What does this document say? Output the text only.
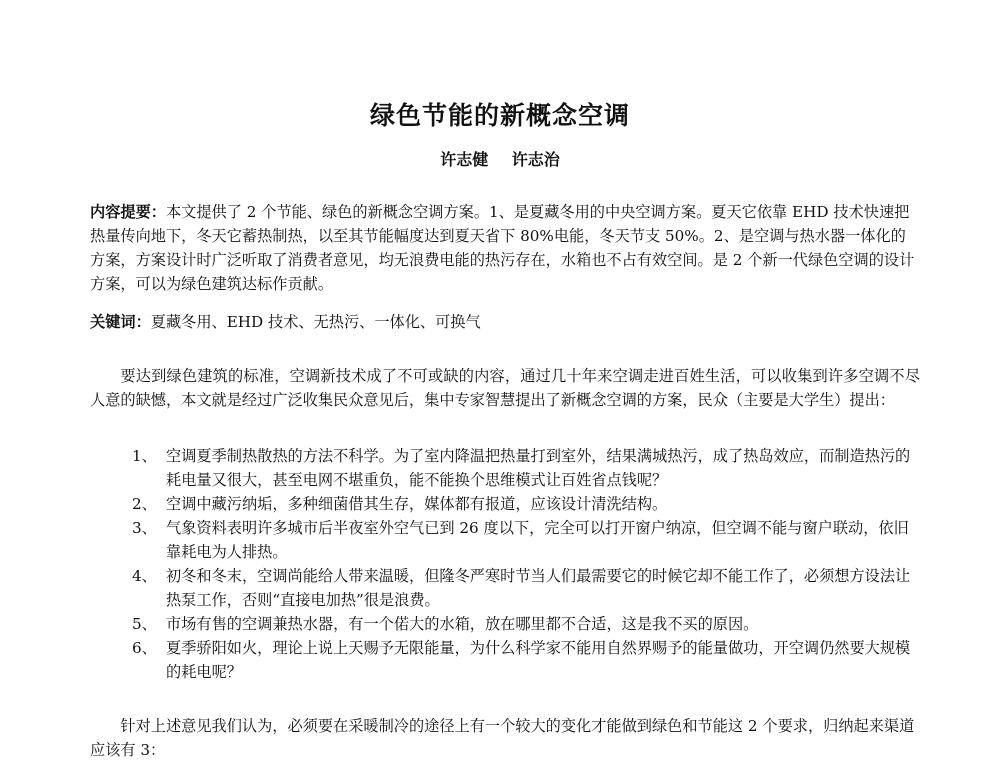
绿色节能的新概念空调
许志健 许志治
内容提要：本文提供了 2 个节能、绿色的新概念空调方案。1、是夏藏冬用的中央空调方案。夏天它依靠 EHD 技术快速把热量传向地下，冬天它蓄热制热，以至其节能幅度达到夏天省下 80%电能，冬天节支 50%。2、是空调与热水器一体化的方案，方案设计时广泛听取了消费者意见，均无浪费电能的热污存在，水箱也不占有效空间。是 2 个新一代绿色空调的设计方案，可以为绿色建筑达标作贡献。
关键词：夏藏冬用、EHD 技术、无热污、一体化、可换气

要达到绿色建筑的标准，空调新技术成了不可或缺的内容，通过几十年来空调走进百姓生活，可以收集到许多空调不尽人意的缺憾，本文就是经过广泛收集民众意见后，集中专家智慧提出了新概念空调的方案，民众（主要是大学生）提出：

1、 空调夏季制热散热的方法不科学。为了室内降温把热量打到室外，结果满城热污，成了热岛效应，而制造热污的耗电量又很大，甚至电网不堪重负，能不能换个思维模式让百姓省点钱呢？
2、 空调中藏污纳垢，多种细菌借其生存，媒体都有报道，应该设计清洗结构。
3、 气象资料表明许多城市后半夜室外空气已到 26 度以下，完全可以打开窗户纳凉，但空调不能与窗户联动，依旧靠耗电为人排热。
4、 初冬和冬末，空调尚能给人带来温暖，但隆冬严寒时节当人们最需要它的时候它却不能工作了，必须想方设法让热泵工作，否则“直接电加热”很是浪费。
5、 市场有售的空调兼热水器，有一个偌大的水箱，放在哪里都不合适，这是我不买的原因。
6、 夏季骄阳如火，理论上说上天赐予无限能量，为什么科学家不能用自然界赐予的能量做功，开空调仍然要大规模的耗电呢？

针对上述意见我们认为，必须要在采暖制冷的途径上有一个较大的变化才能做到绿色和节能这 2 个要求，归纳起来渠道应该有 3：
